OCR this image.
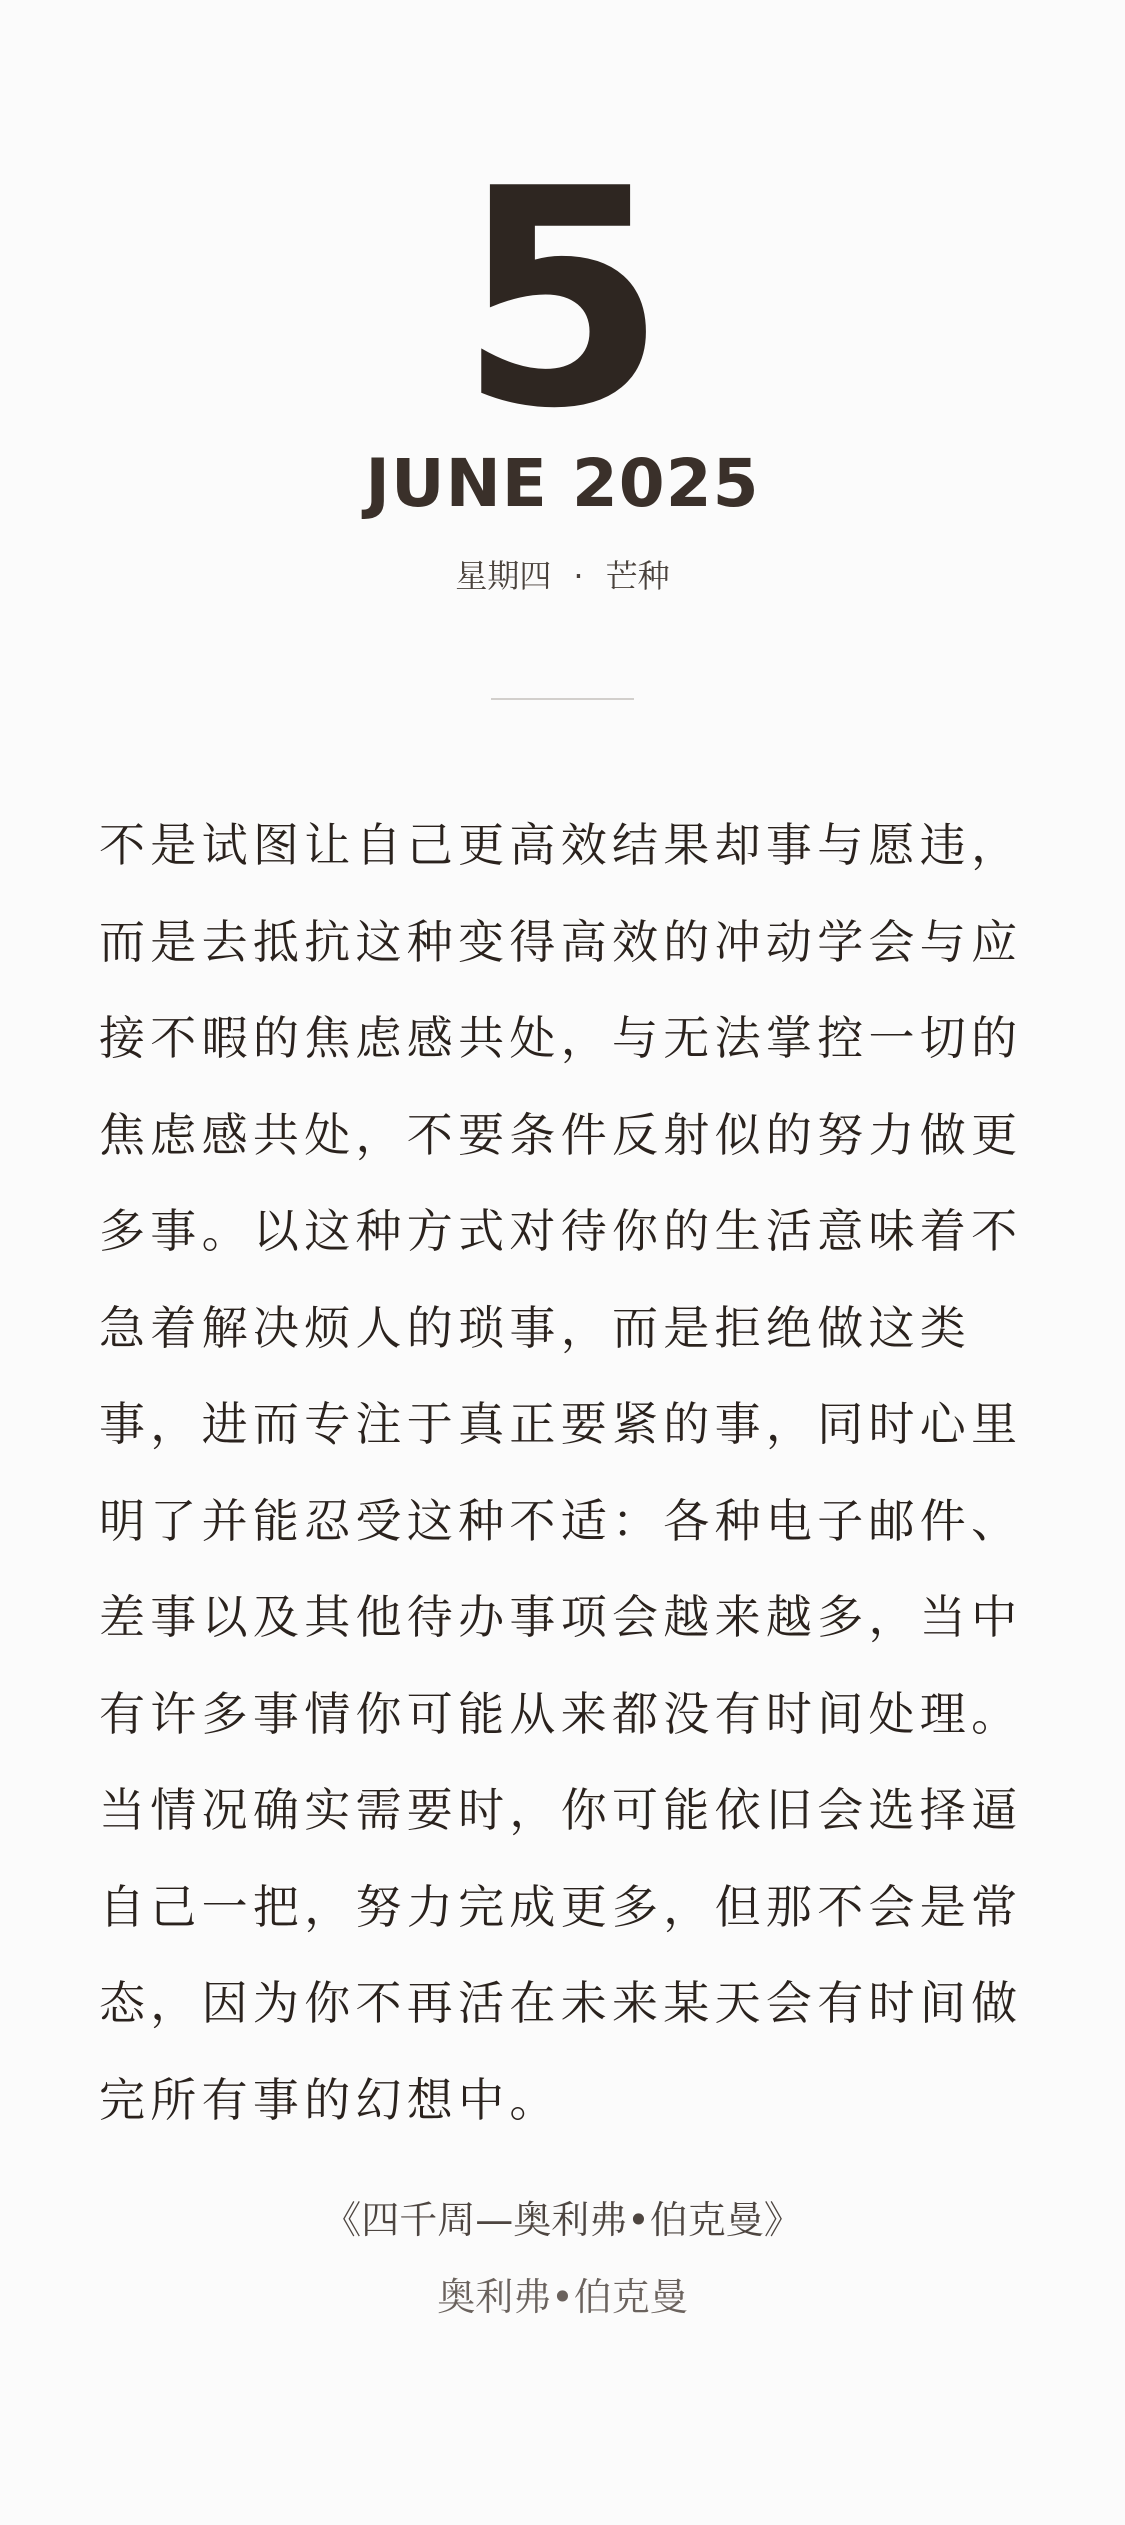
5
JUNE 2025
星期四 · 芒种
不是试图让自己更高效结果却事与愿违，
而是去抵抗这种变得高效的冲动学会与应
接不暇的焦虑感共处，与无法掌控一切的
焦虑感共处，不要条件反射似的努力做更
多事。以这种方式对待你的生活意味着不
急着解决烦人的琐事，而是拒绝做这类
事，进而专注于真正要紧的事，同时心里
明了并能忍受这种不适：各种电子邮件、
差事以及其他待办事项会越来越多，当中
有许多事情你可能从来都没有时间处理。
当情况确实需要时，你可能依旧会选择逼
自己一把，努力完成更多，但那不会是常
态，因为你不再活在未来某天会有时间做
完所有事的幻想中。
《四千周—奥利弗•伯克曼》
奥利弗•伯克曼
